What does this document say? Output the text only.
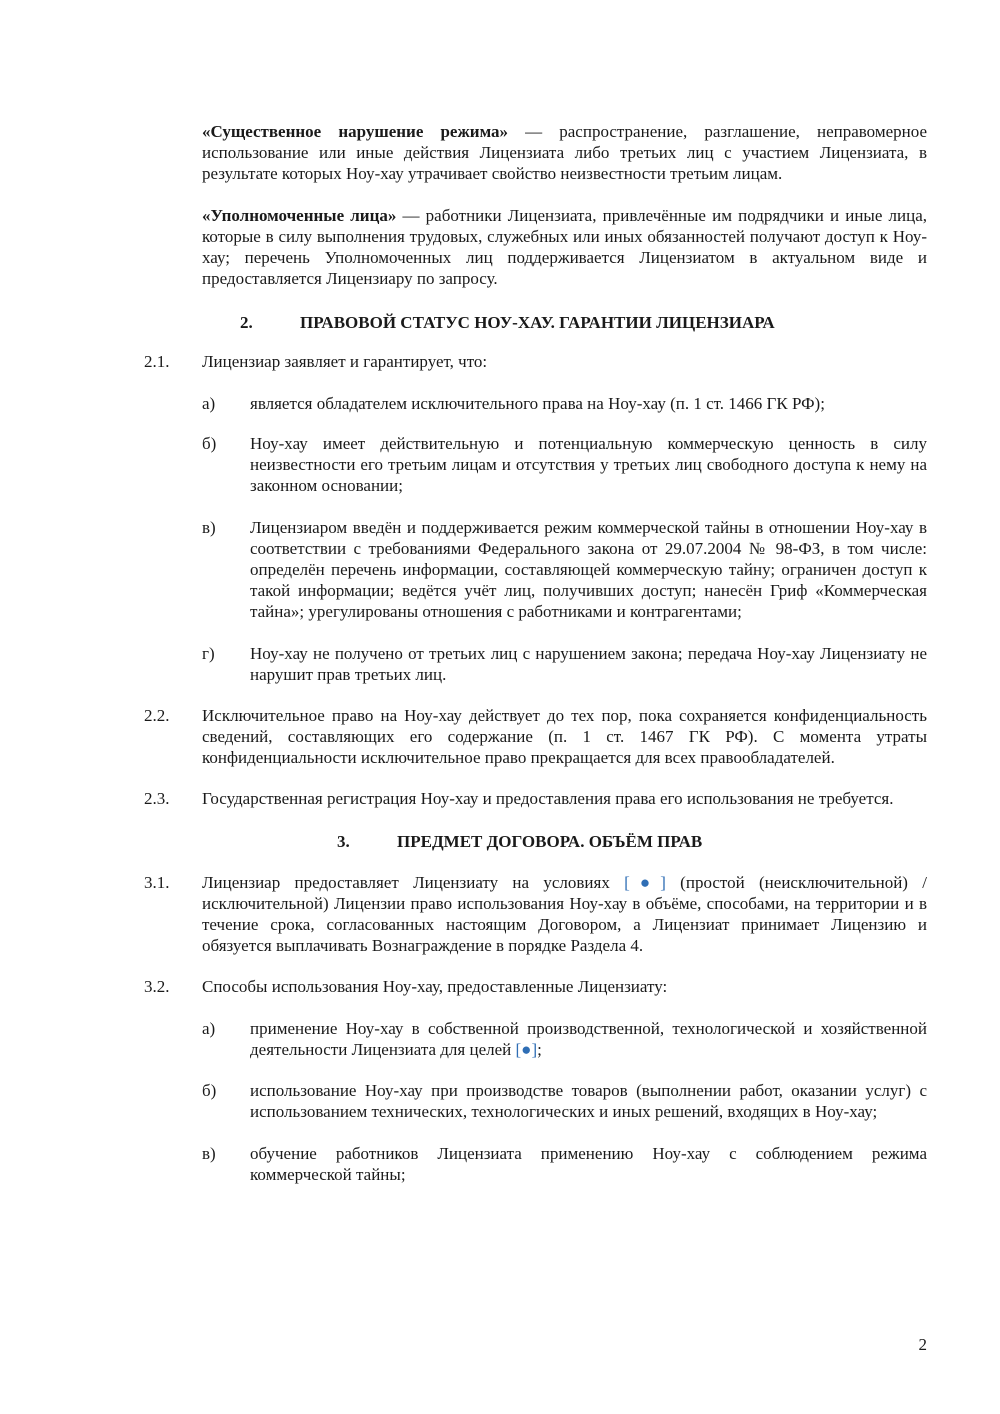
«Существенное нарушение режима» — распространение, разглашение, неправомерное использование или иные действия Лицензиата либо третьих лиц с участием Лицензиата, в результате которых Ноу-хау утрачивает свойство неизвестности третьим лицам.

«Уполномоченные лица» — работники Лицензиата, привлечённые им подрядчики и иные лица, которые в силу выполнения трудовых, служебных или иных обязанностей получают доступ к Ноу-хау; перечень Уполномоченных лиц поддерживается Лицензиатом в актуальном виде и предоставляется Лицензиару по запросу.

2.	ПРАВОВОЙ СТАТУС НОУ-ХАУ. ГАРАНТИИ ЛИЦЕНЗИАРА
2.1. Лицензиар заявляет и гарантирует, что:
а) является обладателем исключительного права на Ноу-хау (п. 1 ст. 1466 ГК РФ);
б) Ноу-хау имеет действительную и потенциальную коммерческую ценность в силу неизвестности его третьим лицам и отсутствия у третьих лиц свободного доступа к нему на законном основании;
в) Лицензиаром введён и поддерживается режим коммерческой тайны в отношении Ноу-хау в соответствии с требованиями Федерального закона от 29.07.2004 № 98-ФЗ, в том числе: определён перечень информации, составляющей коммерческую тайну; ограничен доступ к такой информации; ведётся учёт лиц, получивших доступ; нанесён Гриф «Коммерческая тайна»; урегулированы отношения с работниками и контрагентами;
г) Ноу-хау не получено от третьих лиц с нарушением закона; передача Ноу-хау Лицензиату не нарушит прав третьих лиц.
2.2. Исключительное право на Ноу-хау действует до тех пор, пока сохраняется конфиденциальность сведений, составляющих его содержание (п. 1 ст. 1467 ГК РФ). С момента утраты конфиденциальности исключительное право прекращается для всех правообладателей.
2.3. Государственная регистрация Ноу-хау и предоставления права его использования не требуется.
3.	ПРЕДМЕТ ДОГОВОРА. ОБЪЁМ ПРАВ
3.1. Лицензиар предоставляет Лицензиату на условиях [●] (простой (неисключительной) / исключительной) Лицензии право использования Ноу-хау в объёме, способами, на территории и в течение срока, согласованных настоящим Договором, а Лицензиат принимает Лицензию и обязуется выплачивать Вознаграждение в порядке Раздела 4.
3.2. Способы использования Ноу-хау, предоставленные Лицензиату:
а) применение Ноу-хау в собственной производственной, технологической и хозяйственной деятельности Лицензиата для целей [●];
б) использование Ноу-хау при производстве товаров (выполнении работ, оказании услуг) с использованием технических, технологических и иных решений, входящих в Ноу-хау;
в) обучение работников Лицензиата применению Ноу-хау с соблюдением режима коммерческой тайны;
2
